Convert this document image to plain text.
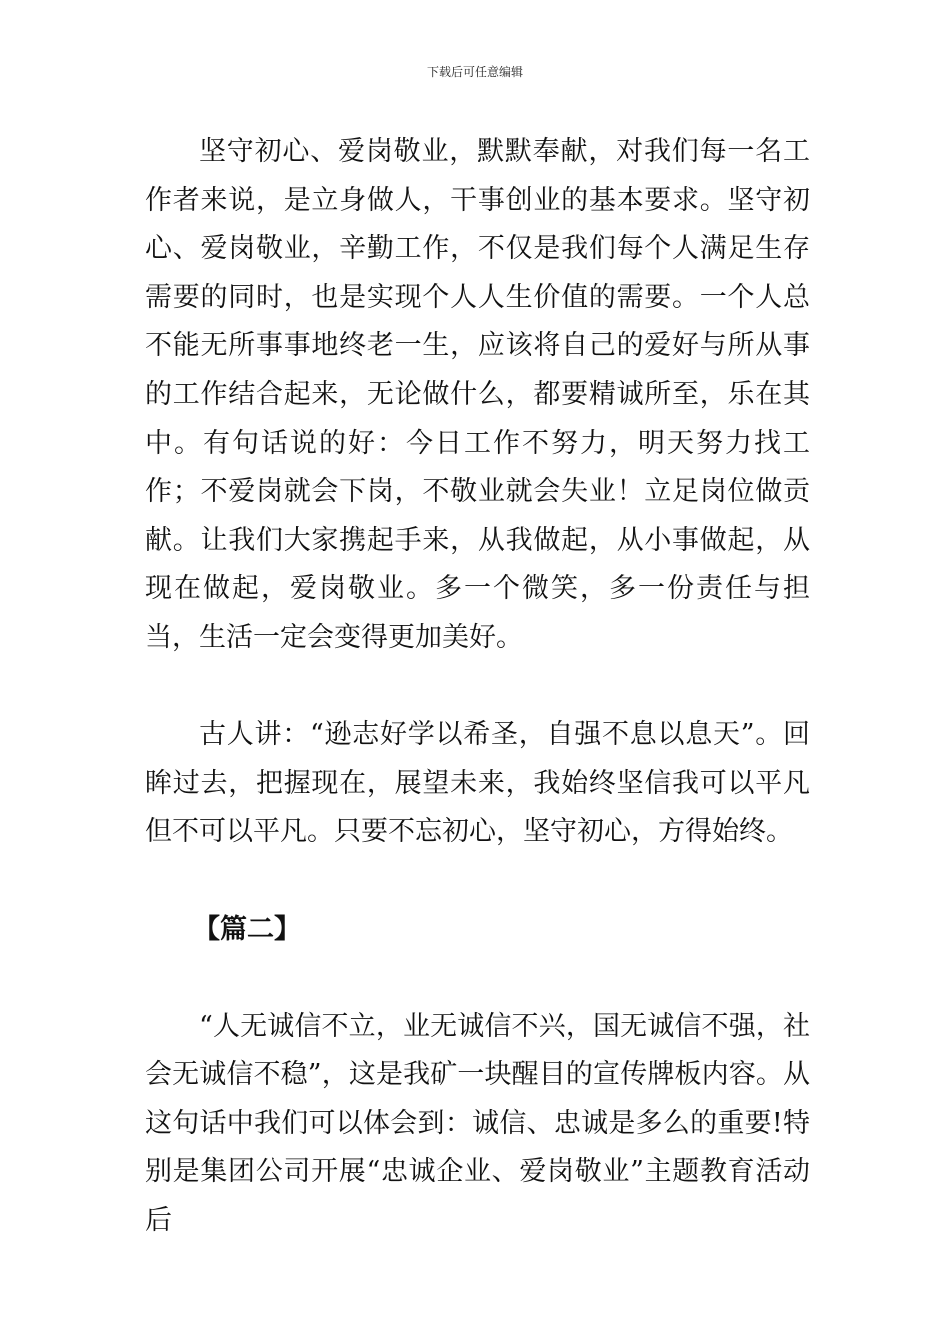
下载后可任意编辑

坚守初心、爱岗敬业，默默奉献，对我们每一名工作者来说，是立身做人，干事创业的基本要求。坚守初心、爱岗敬业，辛勤工作，不仅是我们每个人满足生存需要的同时，也是实现个人人生价值的需要。一个人总不能无所事事地终老一生，应该将自己的爱好与所从事的工作结合起来，无论做什么，都要精诚所至，乐在其中。有句话说的好：今日工作不努力，明天努力找工作；不爱岗就会下岗，不敬业就会失业！立足岗位做贡献。让我们大家携起手来，从我做起，从小事做起，从现在做起，爱岗敬业。多一个微笑，多一份责任与担当，生活一定会变得更加美好。

古人讲：“逊志好学以希圣，自强不息以息天”。回眸过去，把握现在，展望未来，我始终坚信我可以平凡但不可以平凡。只要不忘初心，坚守初心，方得始终。

【篇二】

“人无诚信不立，业无诚信不兴，国无诚信不强，社会无诚信不稳”，这是我矿一块醒目的宣传牌板内容。从这句话中我们可以体会到：诚信、忠诚是多么的重要!特别是集团公司开展“忠诚企业、爱岗敬业”主题教育活动后
